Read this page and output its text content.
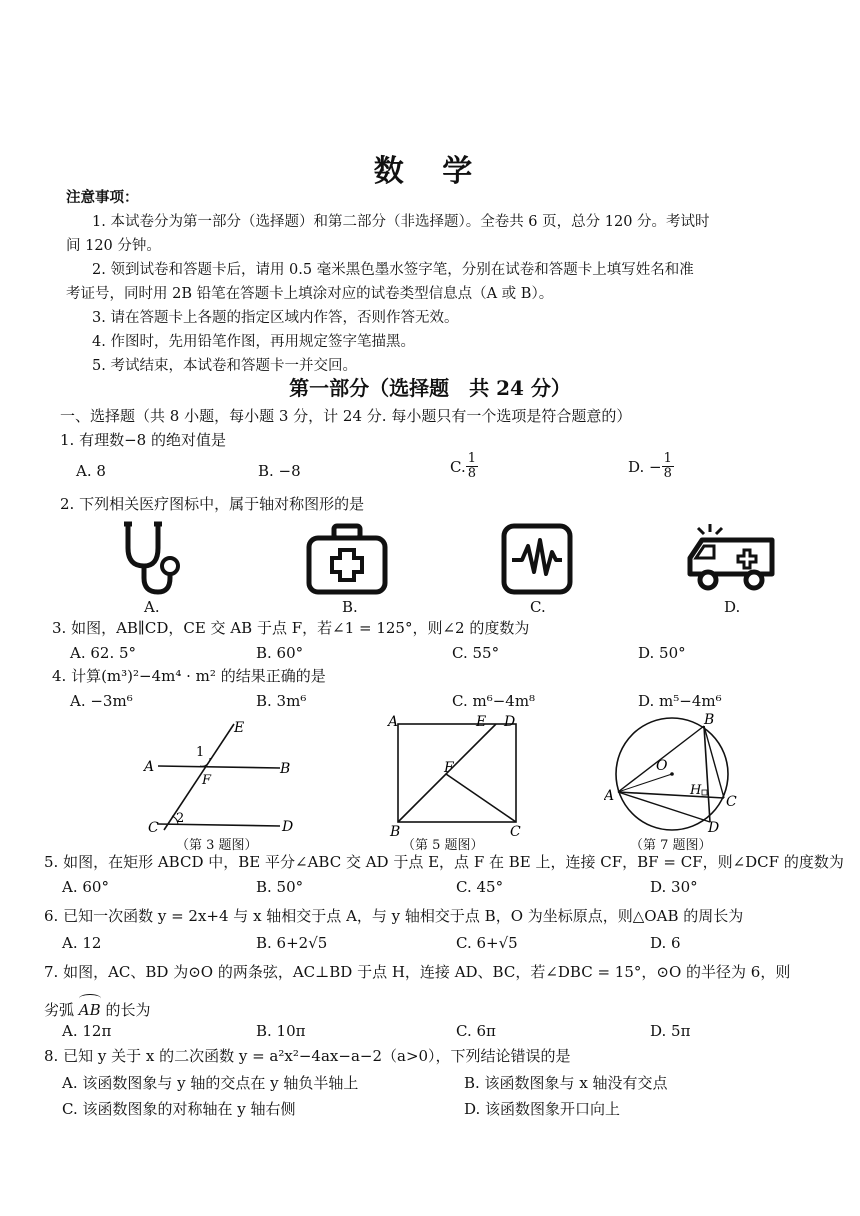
数 学
注意事项：
1. 本试卷分为第一部分（选择题）和第二部分（非选择题）。全卷共 6 页，总分 120 分。考试时
间 120 分钟。
2. 领到试卷和答题卡后，请用 0.5 毫米黑色墨水签字笔，分别在试卷和答题卡上填写姓名和准
考证号，同时用 2B 铅笔在答题卡上填涂对应的试卷类型信息点（A 或 B）。
3. 请在答题卡上各题的指定区域内作答，否则作答无效。
4. 作图时，先用铅笔作图，再用规定签字笔描黑。
5. 考试结束，本试卷和答题卡一并交回。
第一部分（选择题　共 24 分）
一、选择题（共 8 小题，每小题 3 分，计 24 分. 每小题只有一个选项是符合题意的）
1. 有理数−8 的绝对值是
A. 8	B. −8	C. $\frac{1}{8}$	D. − $\frac{1}{8}$
2. 下列相关医疗图标中，属于轴对称图形的是
A.	B.	C.	D.
3. 如图，AB∥CD，CE 交 AB 于点 F，若∠1 = 125°，则∠2 的度数为
A. 62. 5°	B. 60°	C. 55°	D. 50°
4. 计算(m³)²−4m⁴ · m² 的结果正确的是
A. −3m⁶	B. 3m⁶	C. m⁶−4m⁸	D. m⁵−4m⁶
A	B
C	D
E
F
1
2
（第 3 题图）
A	E D
F
B	C
（第 5 题图）
O
H
A
B
C
D
（第 7 题图）
5. 如图，在矩形 ABCD 中，BE 平分∠ABC 交 AD 于点 E，点 F 在 BE 上，连接 CF，BF = CF，则∠DCF 的度数为
A. 60°	B. 50°	C. 45°	D. 30°
6. 已知一次函数 y = 2x+4 与 x 轴相交于点 A，与 y 轴相交于点 B，O 为坐标原点，则△OAB 的周长为
A. 12	B. 6+2√5	C. 6+√5	D. 6
7. 如图，AC、BD 为⊙O 的两条弦，AC⊥BD 于点 H，连接 AD、BC，若∠DBC = 15°，⊙O 的半径为 6，则
劣弧 AB 的长为
A. 12π	B. 10π	C. 6π	D. 5π
8. 已知 y 关于 x 的二次函数 y = a²x²−4ax−a−2（a>0），下列结论错误的是
A. 该函数图象与 y 轴的交点在 y 轴负半轴上	B. 该函数图象与 x 轴没有交点
C. 该函数图象的对称轴在 y 轴右侧	D. 该函数图象开口向上
